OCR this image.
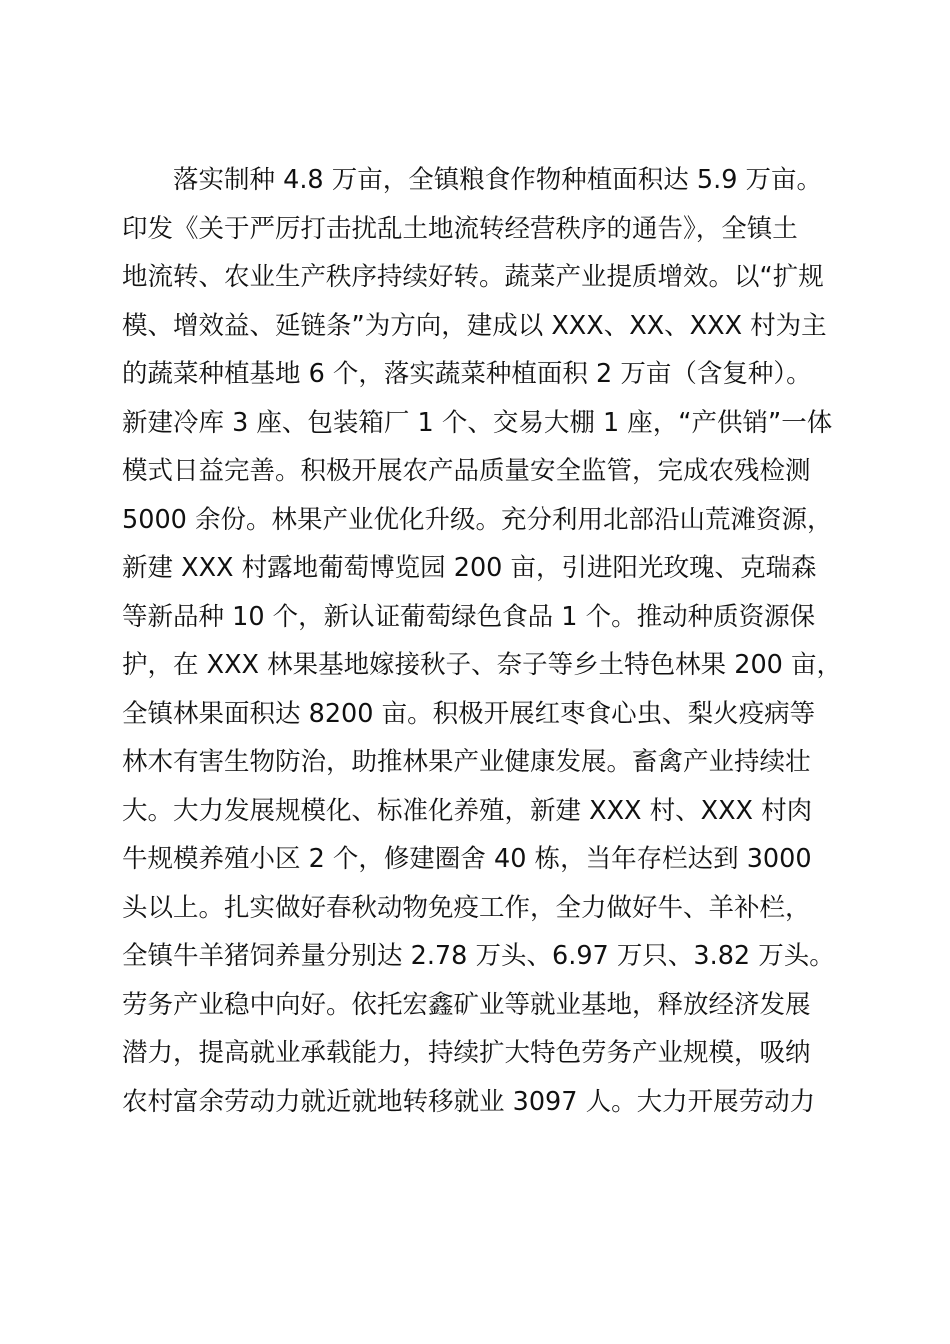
落实制种 4.8 万亩，全镇粮食作物种植面积达 5.9 万亩。
印发《关于严厉打击扰乱土地流转经营秩序的通告》，全镇土
地流转、农业生产秩序持续好转。蔬菜产业提质增效。以“扩规
模、增效益、延链条”为方向，建成以 XXX、XX、XXX 村为主
的蔬菜种植基地 6 个，落实蔬菜种植面积 2 万亩（含复种）。
新建冷库 3 座、包装箱厂 1 个、交易大棚 1 座，“产供销”一体
模式日益完善。积极开展农产品质量安全监管，完成农残检测
5000 余份。林果产业优化升级。充分利用北部沿山荒滩资源，
新建 XXX 村露地葡萄博览园 200 亩，引进阳光玫瑰、克瑞森
等新品种 10 个，新认证葡萄绿色食品 1 个。推动种质资源保
护，在 XXX 林果基地嫁接秋子、奈子等乡土特色林果 200 亩，
全镇林果面积达 8200 亩。积极开展红枣食心虫、梨火疫病等
林木有害生物防治，助推林果产业健康发展。畜禽产业持续壮
大。大力发展规模化、标准化养殖，新建 XXX 村、XXX 村肉
牛规模养殖小区 2 个，修建圈舍 40 栋，当年存栏达到 3000
头以上。扎实做好春秋动物免疫工作，全力做好牛、羊补栏，
全镇牛羊猪饲养量分别达 2.78 万头、6.97 万只、3.82 万头。
劳务产业稳中向好。依托宏鑫矿业等就业基地，释放经济发展
潜力，提高就业承载能力，持续扩大特色劳务产业规模，吸纳
农村富余劳动力就近就地转移就业 3097 人。大力开展劳动力
